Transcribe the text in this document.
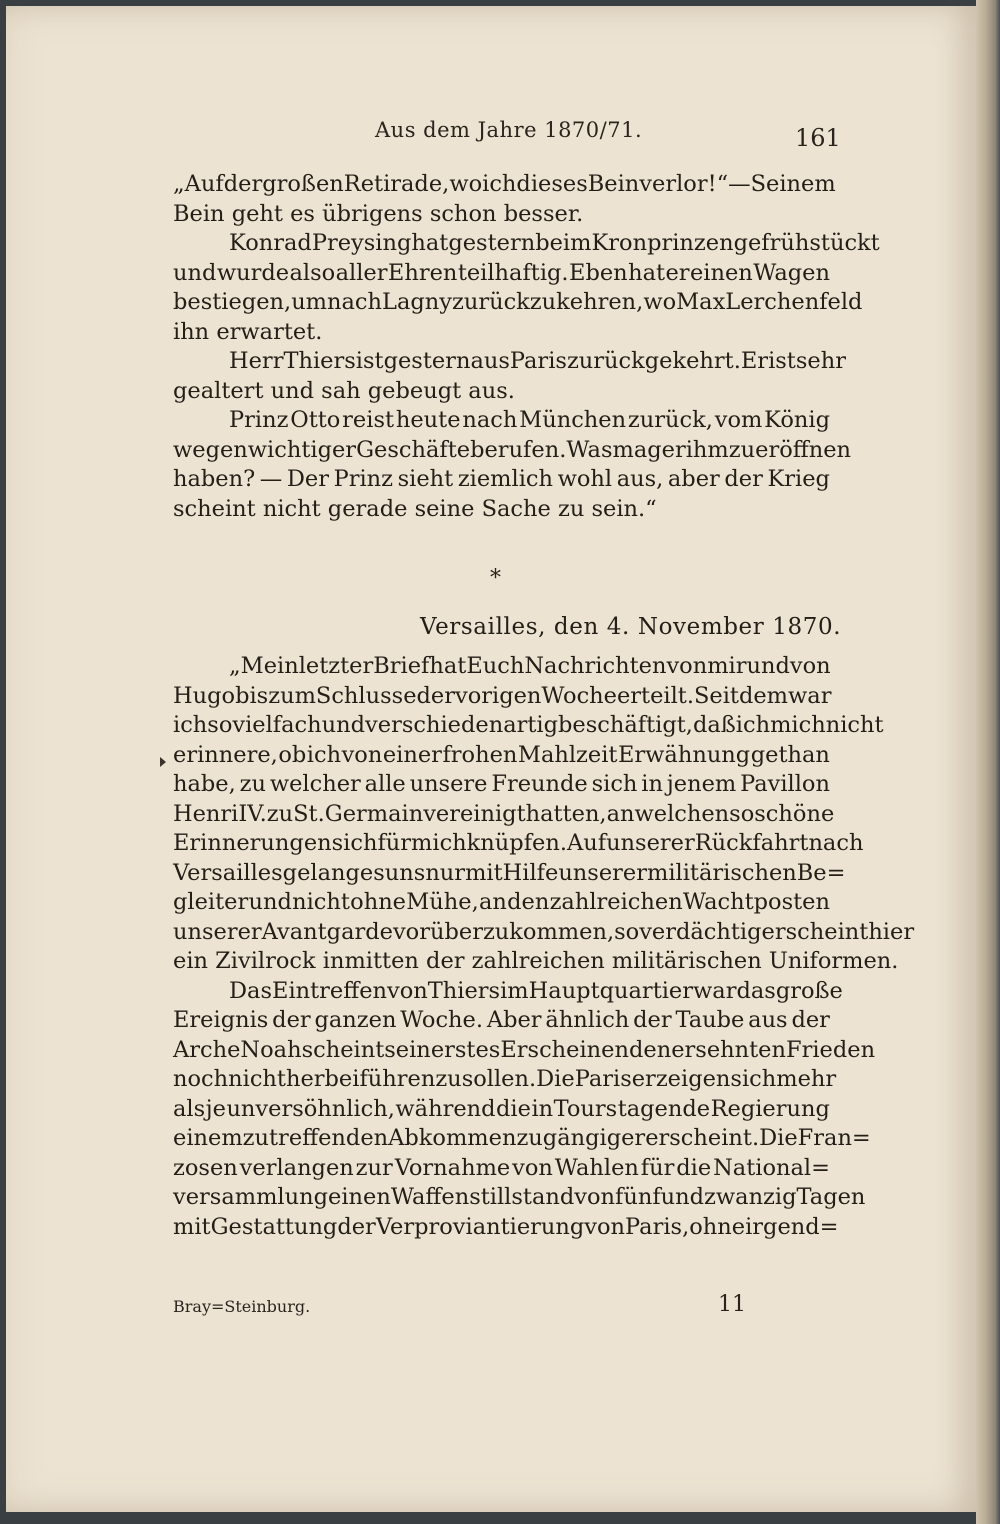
Aus dem Jahre 1870/71.	161
„Auf der großen Retirade, wo ich dieses Bein verlor!“ — Seinem
Bein geht es übrigens schon besser.
Konrad Preysing hat gestern beim Kronprinzen gefrühstückt
und wurde also aller Ehren teilhaftig. Eben hat er einen Wagen
bestiegen, um nach Lagny zurückzukehren, wo Max Lerchenfeld
ihn erwartet.
Herr Thiers ist gestern aus Paris zurückgekehrt. Er ist sehr
gealtert und sah gebeugt aus.
Prinz Otto reist heute nach München zurück, vom König
wegen wichtiger Geschäfte berufen. Was mag er ihm zu eröffnen
haben? — Der Prinz sieht ziemlich wohl aus, aber der Krieg
scheint nicht gerade seine Sache zu sein.“
*
Versailles, den 4. November 1870.
„Mein letzter Brief hat Euch Nachrichten von mir und von
Hugo bis zum Schlusse der vorigen Woche erteilt. Seitdem war
ich so vielfach und verschiedenartig beschäftigt, daß ich mich nicht
erinnere, ob ich von einer frohen Mahlzeit Erwähnung gethan
habe, zu welcher alle unsere Freunde sich in jenem Pavillon
Henri IV. zu St. Germain vereinigt hatten, an welchen so schöne
Erinnerungen sich für mich knüpfen. Auf unserer Rückfahrt nach
Versailles gelang es uns nur mit Hilfe unserer militärischen Be=
gleiter und nicht ohne Mühe, an den zahlreichen Wachtposten
unserer Avantgarde vorüberzukommen, so verdächtig erscheint hier
ein Zivilrock inmitten der zahlreichen militärischen Uniformen.
Das Eintreffen von Thiers im Hauptquartier war das große
Ereignis der ganzen Woche. Aber ähnlich der Taube aus der
Arche Noah scheint sein erstes Erscheinen den ersehnten Frieden
noch nicht herbeiführen zu sollen. Die Pariser zeigen sich mehr
als je unversöhnlich, während die in Tours tagende Regierung
einem zu treffenden Abkommen zugängiger erscheint. Die Fran=
zosen verlangen zur Vornahme von Wahlen für die National=
versammlung einen Waffenstillstand von fünfundzwanzig Tagen
mit Gestattung der Verproviantierung von Paris, ohne irgend=
Bray=Steinburg.	11
